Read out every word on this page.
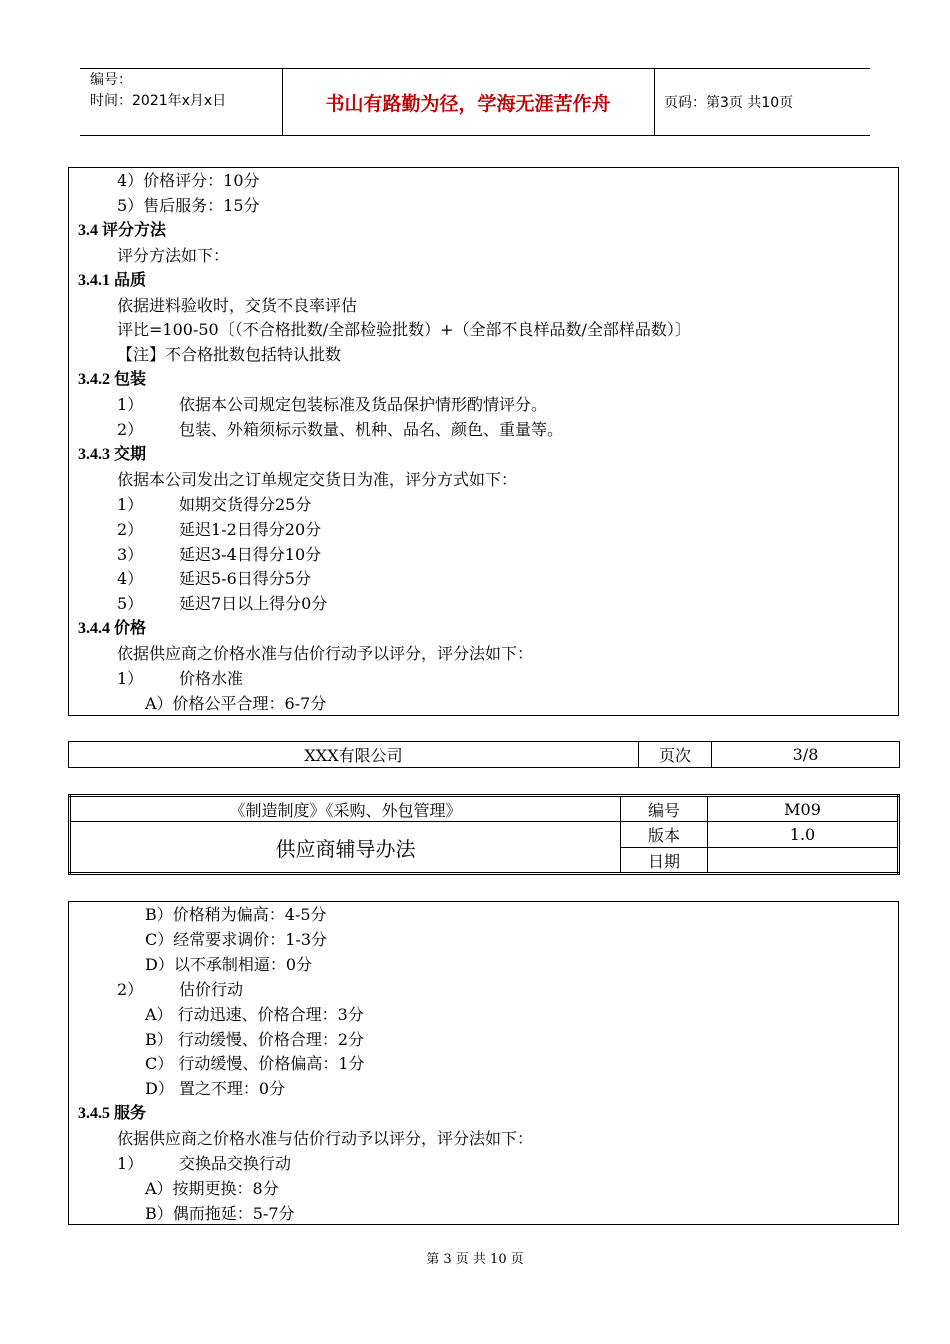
编号：
时间：2021年x月x日	书山有路勤为径，学海无涯苦作舟	页码：第3页 共10页
4）价格评分：10分
5）售后服务：15分
3.4 评分方法
评分方法如下：
3.4.1 品质
依据进料验收时，交货不良率评估
评比=100-50〔（不合格批数/全部检验批数）+（全部不良样品数/全部样品数）〕
【注】不合格批数包括特认批数
3.4.2 包装
1） 依据本公司规定包装标准及货品保护情形酌情评分。
2） 包装、外箱须标示数量、机种、品名、颜色、重量等。
3.4.3 交期
依据本公司发出之订单规定交货日为准，评分方式如下：
1） 如期交货得分25分
2） 延迟1-2日得分20分
3） 延迟3-4日得分10分
4） 延迟5-6日得分5分
5） 延迟7日以上得分0分
3.4.4 价格
依据供应商之价格水准与估价行动予以评分，评分法如下：
1） 价格水准
A）价格公平合理：6-7分
XXX有限公司	页次	3/8
《制造制度》《采购、外包管理》	编号	M09
供应商辅导办法	版本	1.0
	日期	
B）价格稍为偏高：4-5分
C）经常要求调价：1-3分
D）以不承制相逼：0分
2） 估价行动
A） 行动迅速、价格合理：3分
B） 行动缓慢、价格合理：2分
C） 行动缓慢、价格偏高：1分
D） 置之不理：0分
3.4.5 服务
依据供应商之价格水准与估价行动予以评分，评分法如下：
1） 交换品交换行动
A）按期更换：8分
B）偶而拖延：5-7分
第 3 页 共 10 页
